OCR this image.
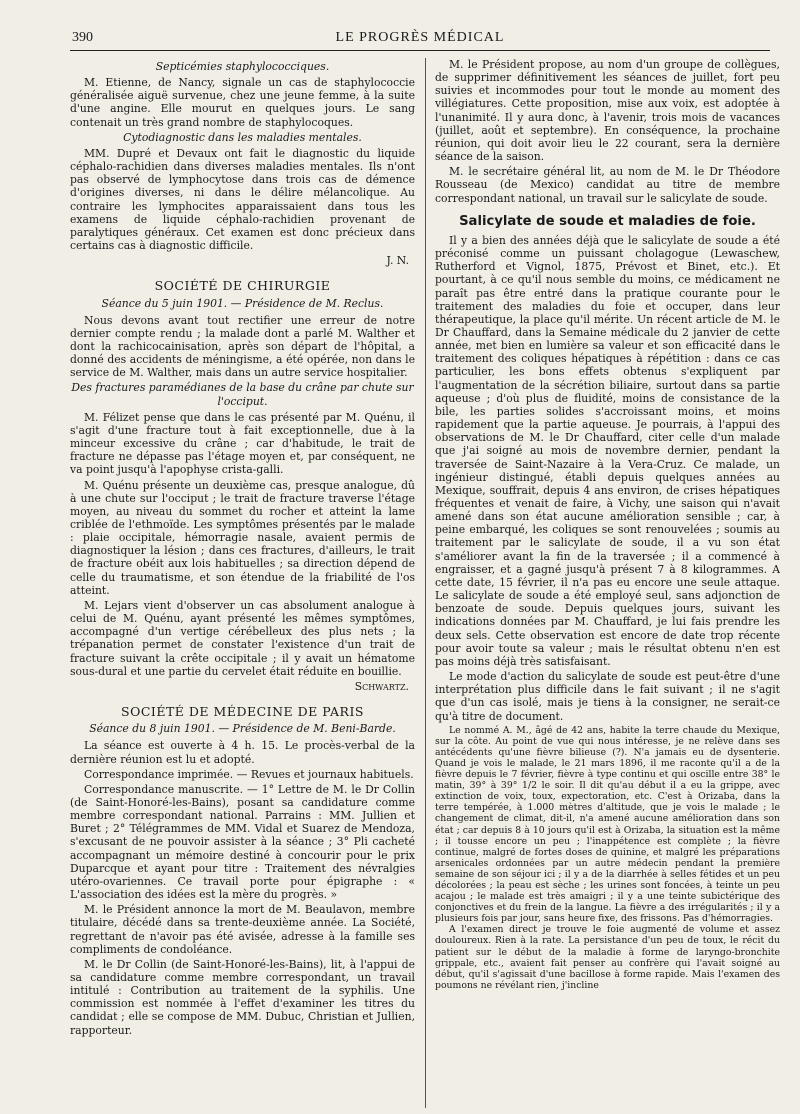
390	LE PROGRÈS MÉDICAL

Septicémies staphylococciques.

M. Etienne, de Nancy, signale un cas de staphylococcie généralisée aiguë survenue, chez une jeune femme, à la suite d'une angine. Elle mourut en quelques jours. Le sang contenait un très grand nombre de staphylocoques.

Cytodiagnostic dans les maladies mentales.

MM. Dupré et Devaux ont fait le diagnostic du liquide céphalo-rachidien dans diverses maladies mentales. Ils n'ont pas observé de lymphocytose dans trois cas de démence d'origines diverses, ni dans le délire mélancolique. Au contraire les lymphocites apparaissaient dans tous les examens de liquide céphalo-rachidien provenant de paralytiques généraux. Cet examen est donc précieux dans certains cas à diagnostic difficile.

J. N.

SOCIÉTÉ DE CHIRURGIE

Séance du 5 juin 1901. — Présidence de M. Reclus.

Nous devons avant tout rectifier une erreur de notre dernier compte rendu ; la malade dont a parlé M. Walther et dont la rachicocainisation, après son départ de l'hôpital, a donné des accidents de méningisme, a été opérée, non dans le service de M. Walther, mais dans un autre service hospitalier.

Des fractures paramédianes de la base du crâne par chute sur l'occiput.

M. Félizet pense que dans le cas présenté par M. Quénu, il s'agit d'une fracture tout à fait exceptionnelle, due à la minceur excessive du crâne ; car d'habitude, le trait de fracture ne dépasse pas l'étage moyen et, par conséquent, ne va point jusqu'à l'apophyse crista-galli.

M. Quénu présente un deuxième cas, presque analogue, dû à une chute sur l'occiput ; le trait de fracture traverse l'étage moyen, au niveau du sommet du rocher et atteint la lame criblée de l'ethmoïde. Les symptômes présentés par le malade : plaie occipitale, hémorragie nasale, avaient permis de diagnostiquer la lésion ; dans ces fractures, d'ailleurs, le trait de fracture obéit aux lois habituelles ; sa direction dépend de celle du traumatisme, et son étendue de la friabilité de l'os atteint.

M. Lejars vient d'observer un cas absolument analogue à celui de M. Quénu, ayant présenté les mêmes symptômes, accompagné d'un vertige cérébelleux des plus nets ; la trépanation permet de constater l'existence d'un trait de fracture suivant la crête occipitale ; il y avait un hématome sous-dural et une partie du cervelet était réduite en bouillie.

Schwartz.

SOCIÉTÉ DE MÉDECINE DE PARIS

Séance du 8 juin 1901. — Présidence de M. Beni-Barde.

La séance est ouverte à 4 h. 15. Le procès-verbal de la dernière réunion est lu et adopté.

Correspondance imprimée. — Revues et journaux habituels.

Correspondance manuscrite. — 1° Lettre de M. le Dr Collin (de Saint-Honoré-les-Bains), posant sa candidature comme membre correspondant national. Parrains : MM. Jullien et Buret ; 2° Télégrammes de MM. Vidal et Suarez de Mendoza, s'excusant de ne pouvoir assister à la séance ; 3° Pli cacheté accompagnant un mémoire destiné à concourir pour le prix Duparcque et ayant pour titre : Traitement des névralgies utéro-ovariennes. Ce travail porte pour épigraphe : « L'association des idées est la mère du progrès. »

M. le Président annonce la mort de M. Beaulavon, membre titulaire, décédé dans sa trente-deuxième année. La Société, regrettant de n'avoir pas été avisée, adresse à la famille ses compliments de condoléance.

M. le Dr Collin (de Saint-Honoré-les-Bains), lit, à l'appui de sa candidature comme membre correspondant, un travail intitulé : Contribution au traitement de la syphilis. Une commission est nommée à l'effet d'examiner les titres du candidat ; elle se compose de MM. Dubuc, Christian et Jullien, rapporteur.

M. le Président propose, au nom d'un groupe de collègues, de supprimer définitivement les séances de juillet, fort peu suivies et incommodes pour tout le monde au moment des villégiatures. Cette proposition, mise aux voix, est adoptée à l'unanimité. Il y aura donc, à l'avenir, trois mois de vacances (juillet, août et septembre). En conséquence, la prochaine réunion, qui doit avoir lieu le 22 courant, sera la dernière séance de la saison.

M. le secrétaire général lit, au nom de M. le Dr Théodore Rousseau (de Mexico) candidat au titre de membre correspondant national, un travail sur le salicylate de soude.

Salicylate de soude et maladies de foie.

Il y a bien des années déjà que le salicylate de soude a été préconisé comme un puissant cholagogue (Lewaschew, Rutherford et Vignol, 1875, Prévost et Binet, etc.). Et pourtant, à ce qu'il nous semble du moins, ce médicament ne paraît pas être entré dans la pratique courante pour le traitement des maladies du foie et occuper, dans leur thérapeutique, la place qu'il mérite. Un récent article de M. le Dr Chauffard, dans la Semaine médicale du 2 janvier de cette année, met bien en lumière sa valeur et son efficacité dans le traitement des coliques hépatiques à répétition : dans ce cas particulier, les bons effets obtenus s'expliquent par l'augmentation de la sécrétion biliaire, surtout dans sa partie aqueuse ; d'où plus de fluidité, moins de consistance de la bile, les parties solides s'accroissant moins, et moins rapidement que la partie aqueuse. Je pourrais, à l'appui des observations de M. le Dr Chauffard, citer celle d'un malade que j'ai soigné au mois de novembre dernier, pendant la traversée de Saint-Nazaire à la Vera-Cruz. Ce malade, un ingénieur distingué, établi depuis quelques années au Mexique, souffrait, depuis 4 ans environ, de crises hépatiques fréquentes et venait de faire, à Vichy, une saison qui n'avait amené dans son état aucune amélioration sensible ; car, à peine embarqué, les coliques se sont renouvelées ; soumis au traitement par le salicylate de soude, il a vu son état s'améliorer avant la fin de la traversée ; il a commencé à engraisser, et a gagné jusqu'à présent 7 à 8 kilogrammes. A cette date, 15 février, il n'a pas eu encore une seule attaque. Le salicylate de soude a été employé seul, sans adjonction de benzoate de soude. Depuis quelques jours, suivant les indications données par M. Chauffard, je lui fais prendre les deux sels. Cette observation est encore de date trop récente pour avoir toute sa valeur ; mais le résultat obtenu n'en est pas moins déjà très satisfaisant.

Le mode d'action du salicylate de soude est peut-être d'une interprétation plus difficile dans le fait suivant ; il ne s'agit que d'un cas isolé, mais je tiens à la consigner, ne serait-ce qu'à titre de document.

Le nommé A. M., âgé de 42 ans, habite la terre chaude du Mexique, sur la côte. Au point de vue qui nous intéresse, je ne relève dans ses antécédents qu'une fièvre bilieuse (?). N'a jamais eu de dysenterie. Quand je vois le malade, le 21 mars 1896, il me raconte qu'il a de la fièvre depuis le 7 février, fièvre à type continu et qui oscille entre 38° le matin, 39° à 39° 1/2 le soir. Il dit qu'au début il a eu la grippe, avec extinction de voix, toux, expectoration, etc. C'est à Orizaba, dans la terre tempérée, à 1.000 mètres d'altitude, que je vois le malade ; le changement de climat, dit-il, n'a amené aucune amélioration dans son état ; car depuis 8 à 10 jours qu'il est à Orizaba, la situation est la même ; il tousse encore un peu ; l'inappétence est complète ; la fièvre continue, malgré de fortes doses de quinine, et malgré les préparations arsenicales ordonnées par un autre médecin pendant la première semaine de son séjour ici ; il y a de la diarrhée à selles fétides et un peu décolorées ; la peau est sèche ; les urines sont foncées, à teinte un peu acajou ; le malade est très amaigri ; il y a une teinte subictérique des conjonctives et du frein de la langue. La fièvre a des irrégularités ; il y a plusieurs fois par jour, sans heure fixe, des frissons. Pas d'hémorragies.

A l'examen direct je trouve le foie augmenté de volume et assez douloureux. Rien à la rate. La persistance d'un peu de toux, le récit du patient sur le début de la maladie à forme de laryngo-bronchite grippale, etc., avaient fait penser au confrère qui l'avait soigné au début, qu'il s'agissait d'une bacillose à forme rapide. Mais l'examen des poumons ne révélant rien, j'incline
